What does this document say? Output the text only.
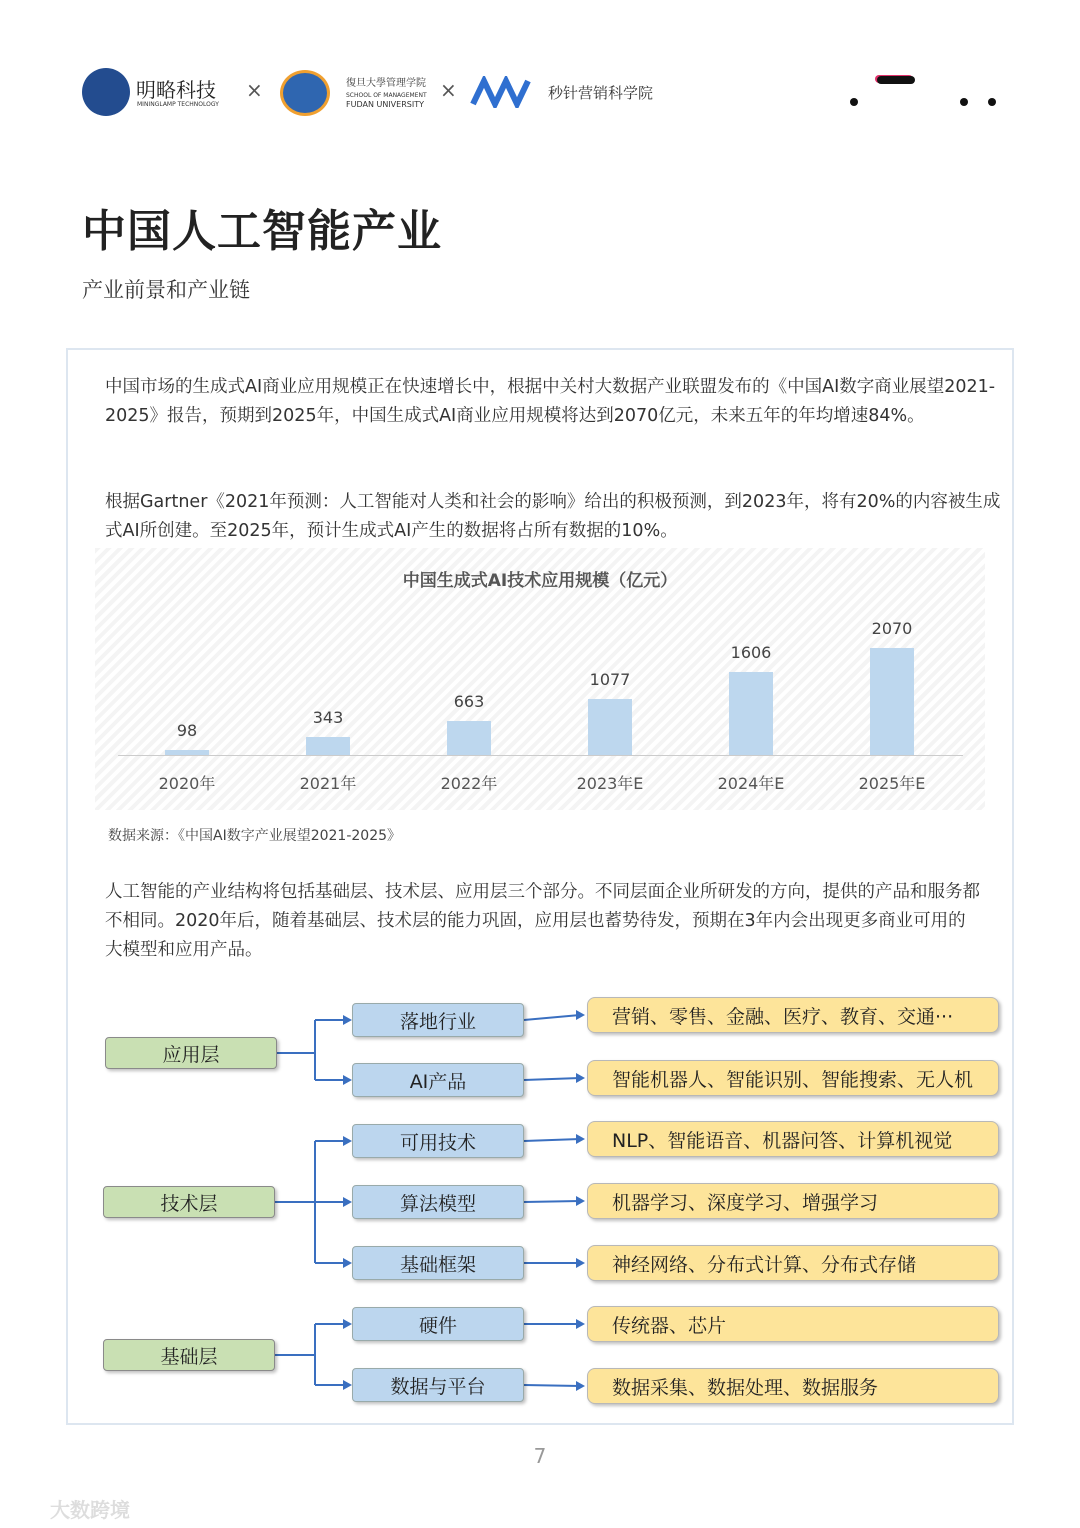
明略科技
MININGLAMP TECHNOLOGY
×	復旦大學管理学院
SCHOOL OF MANAGEMENT
FUDAN UNIVERSITY
×	秒针营销科学院
中国人工智能产业
产业前景和产业链
中国市场的生成式AI商业应用规模正在快速增长中，根据中关村大数据产业联盟发布的《中国AI数字商业展望2021-2025》报告，预期到2025年，中国生成式AI商业应用规模将达到2070亿元，未来五年的年均增速84%。
根据Gartner《2021年预测：人工智能对人类和社会的影响》给出的积极预测，到2023年，将有20%的内容被生成式AI所创建。至2025年，预计生成式AI产生的数据将占所有数据的10%。
中国生成式AI技术应用规模（亿元）
98
2020年
343
2021年
663
2022年
1077
2023年E
1606
2024年E
2070
2025年E
数据来源：《中国AI数字产业展望2021-2025》
人工智能的产业结构将包括基础层、技术层、应用层三个部分。不同层面企业所研发的方向，提供的产品和服务都不相同。2020年后，随着基础层、技术层的能力巩固，应用层也蓄势待发，预期在3年内会出现更多商业可用的大模型和应用产品。
应用层
落地行业	营销、零售、金融、医疗、教育、交通···
AI产品	智能机器人、智能识别、智能搜索、无人机
技术层
可用技术	NLP、智能语音、机器问答、计算机视觉
算法模型	机器学习、深度学习、增强学习
基础框架	神经网络、分布式计算、分布式存储
基础层
硬件	传统器、芯片
数据与平台	数据采集、数据处理、数据服务
7
大数跨境
